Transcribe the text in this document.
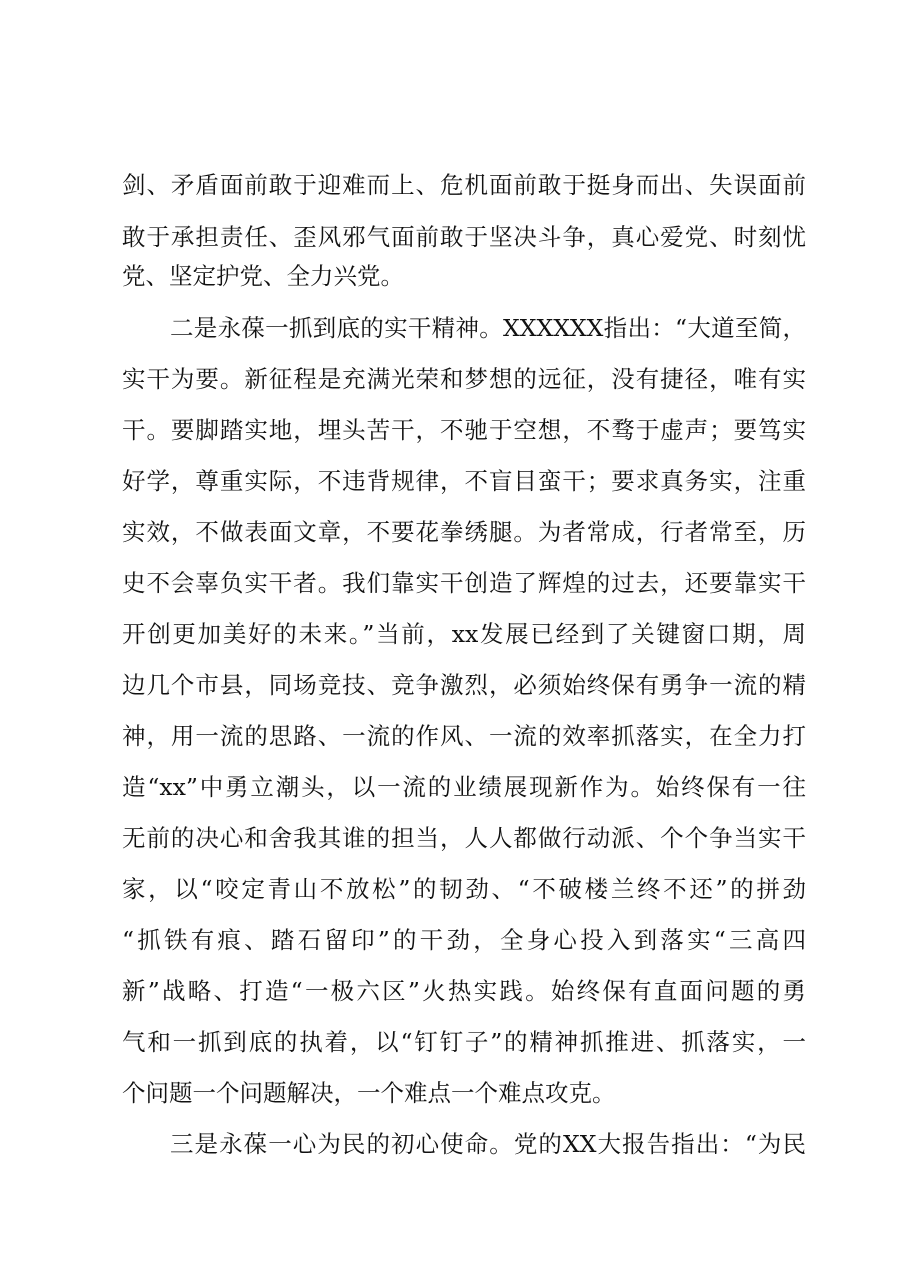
剑、矛盾面前敢于迎难而上、危机面前敢于挺身而出、失误面前
敢于承担责任、歪风邪气面前敢于坚决斗争，真心爱党、时刻忧
党、坚定护党、全力兴党。
二是永葆一抓到底的实干精神。XXXXXX指出：“大道至简，
实干为要。新征程是充满光荣和梦想的远征，没有捷径，唯有实
干。要脚踏实地，埋头苦干，不驰于空想，不骛于虚声；要笃实
好学，尊重实际，不违背规律，不盲目蛮干；要求真务实，注重
实效，不做表面文章，不要花拳绣腿。为者常成，行者常至，历
史不会辜负实干者。我们靠实干创造了辉煌的过去，还要靠实干
开创更加美好的未来。”当前，xx发展已经到了关键窗口期，周
边几个市县，同场竞技、竞争激烈，必须始终保有勇争一流的精
神，用一流的思路、一流的作风、一流的效率抓落实，在全力打
造“xx”中勇立潮头，以一流的业绩展现新作为。始终保有一往
无前的决心和舍我其谁的担当，人人都做行动派、个个争当实干
家，以“咬定青山不放松”的韧劲、“不破楼兰终不还”的拼劲
“抓铁有痕、踏石留印”的干劲，全身心投入到落实“三高四
新”战略、打造“一极六区”火热实践。始终保有直面问题的勇
气和一抓到底的执着，以“钉钉子”的精神抓推进、抓落实，一
个问题一个问题解决，一个难点一个难点攻克。
三是永葆一心为民的初心使命。党的XX大报告指出：“为民
